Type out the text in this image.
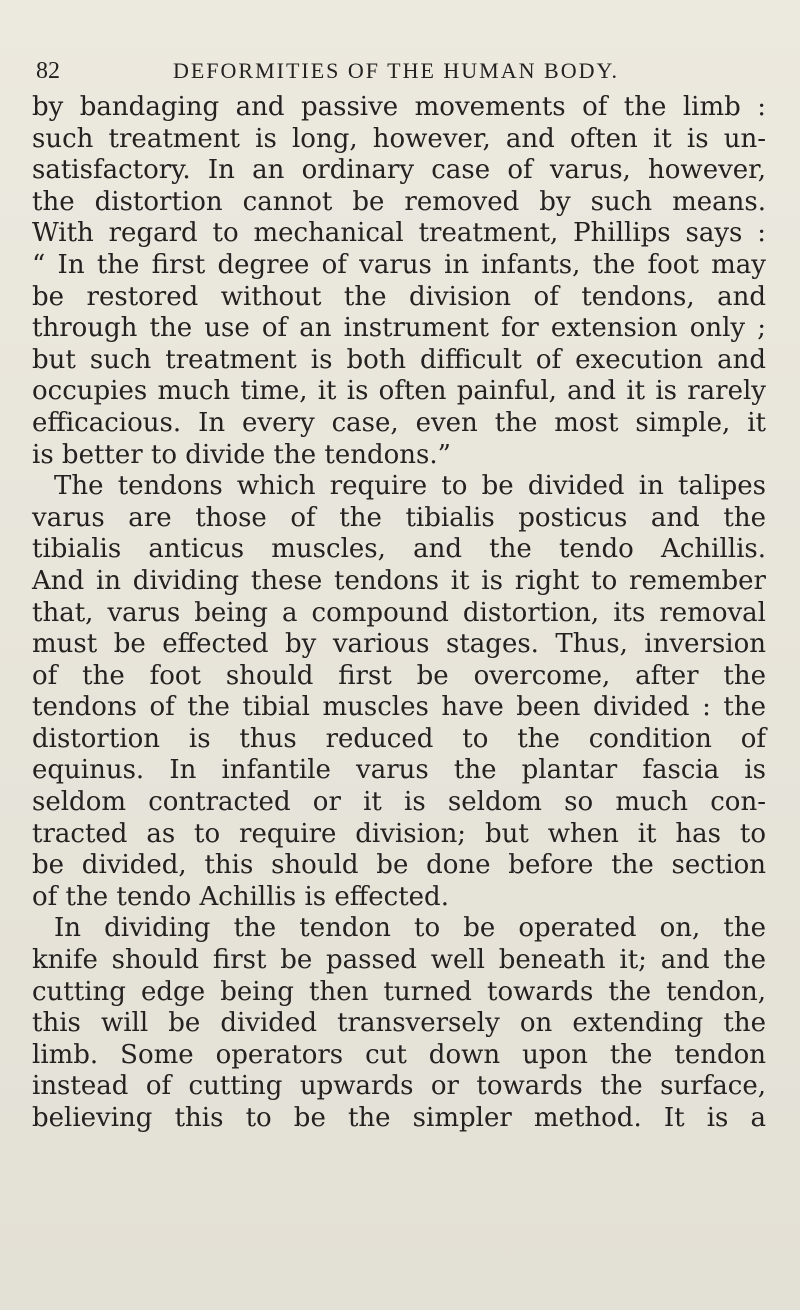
82	DEFORMITIES OF THE HUMAN BODY.
by bandaging and passive movements of the limb :
such treatment is long, however, and often it is un-
satisfactory. In an ordinary case of varus, however,
the distortion cannot be removed by such means.
With regard to mechanical treatment, Phillips says :
“ In the first degree of varus in infants, the foot may
be restored without the division of tendons, and
through the use of an instrument for extension only ;
but such treatment is both difficult of execution and
occupies much time, it is often painful, and it is rarely
efficacious. In every case, even the most simple, it
is better to divide the tendons.”
The tendons which require to be divided in talipes
varus are those of the tibialis posticus and the
tibialis anticus muscles, and the tendo Achillis.
And in dividing these tendons it is right to remember
that, varus being a compound distortion, its removal
must be effected by various stages. Thus, inversion
of the foot should first be overcome, after the
tendons of the tibial muscles have been divided : the
distortion is thus reduced to the condition of
equinus. In infantile varus the plantar fascia is
seldom contracted or it is seldom so much con-
tracted as to require division; but when it has to
be divided, this should be done before the section
of the tendo Achillis is effected.
In dividing the tendon to be operated on, the
knife should first be passed well beneath it; and the
cutting edge being then turned towards the tendon,
this will be divided transversely on extending the
limb. Some operators cut down upon the tendon
instead of cutting upwards or towards the surface,
believing this to be the simpler method. It is a
